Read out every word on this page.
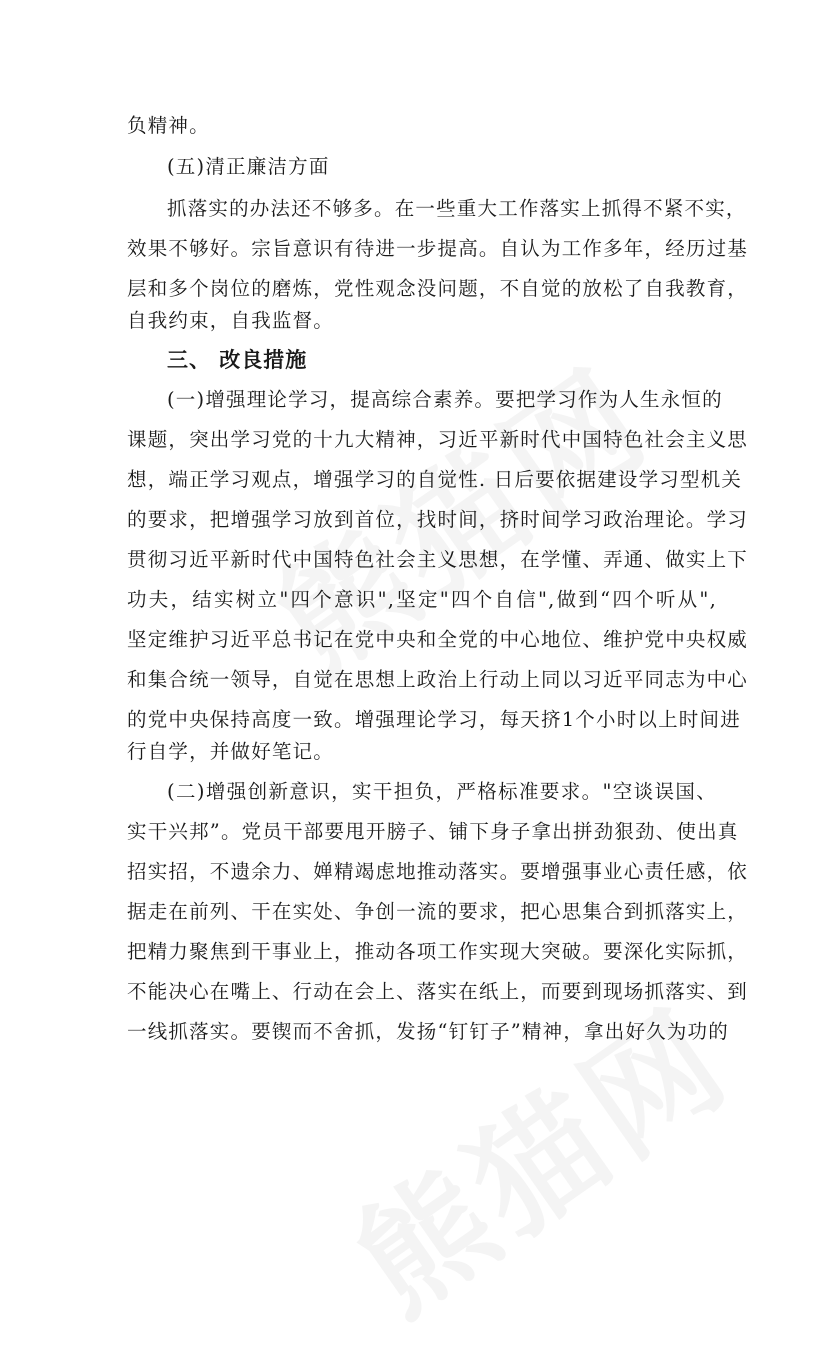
负精神。
(五)清正廉洁方面
抓落实的办法还不够多。在一些重大工作落实上抓得不紧不实，
效果不够好。宗旨意识有待进一步提高。自认为工作多年，经历过基
层和多个岗位的磨炼，党性观念没问题，不自觉的放松了自我教育，
自我约束，自我监督。
三、 改良措施
(一)增强理论学习，提高综合素养。要把学习作为人生永恒的
课题，突出学习党的十九大精神，习近平新时代中国特色社会主义思
想，端正学习观点，增强学习的自觉性. 日后要依据建设学习型机关
的要求，把增强学习放到首位，找时间，挤时间学习政治理论。学习
贯彻习近平新时代中国特色社会主义思想，在学懂、弄通、做实上下
功夫，结实树立"四个意识",坚定"四个自信",做到“四个听从",
坚定维护习近平总书记在党中央和全党的中心地位、维护党中央权威
和集合统一领导，自觉在思想上政治上行动上同以习近平同志为中心
的党中央保持高度一致。增强理论学习，每天挤1个小时以上时间进
行自学，并做好笔记。
(二)增强创新意识，实干担负，严格标准要求。"空谈误国、
实干兴邦”。党员干部要甩开膀子、铺下身子拿出拼劲狠劲、使出真
招实招，不遗余力、婵精竭虑地推动落实。要增强事业心责任感，依
据走在前列、干在实处、争创一流的要求，把心思集合到抓落实上，
把精力聚焦到干事业上，推动各项工作实现大突破。要深化实际抓，
不能决心在嘴上、行动在会上、落实在纸上，而要到现场抓落实、到
一线抓落实。要锲而不舍抓，发扬“钉钉子”精神，拿出好久为功的
